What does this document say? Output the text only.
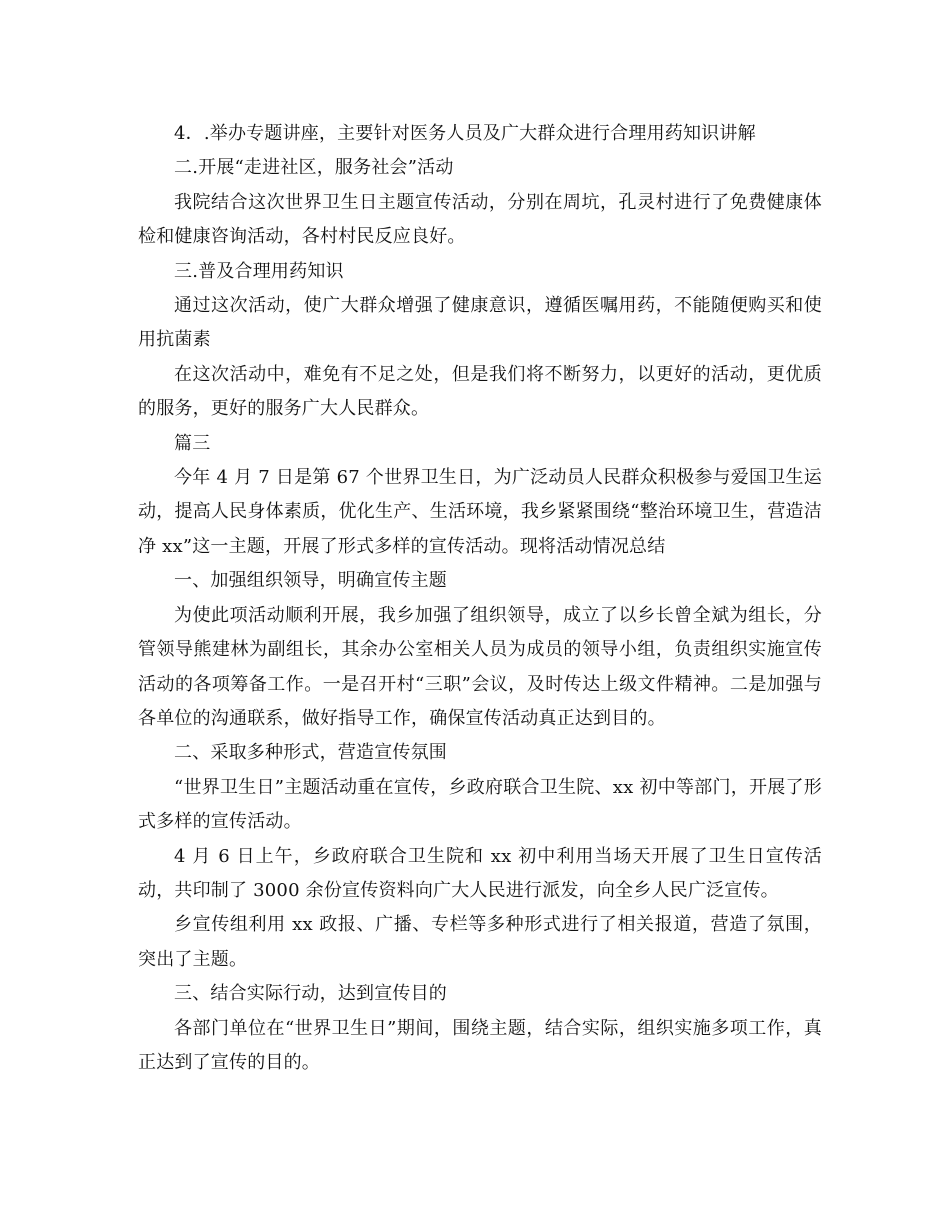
4．.举办专题讲座，主要针对医务人员及广大群众进行合理用药知识讲解

二.开展“走进社区，服务社会”活动

我院结合这次世界卫生日主题宣传活动，分别在周坑，孔灵村进行了免费健康体检和健康咨询活动，各村村民反应良好。

三.普及合理用药知识

通过这次活动，使广大群众增强了健康意识，遵循医嘱用药，不能随便购买和使用抗菌素

在这次活动中，难免有不足之处，但是我们将不断努力，以更好的活动，更优质的服务，更好的服务广大人民群众。

篇三

今年 4 月 7 日是第 67 个世界卫生日，为广泛动员人民群众积极参与爱国卫生运动，提高人民身体素质，优化生产、生活环境，我乡紧紧围绕“整治环境卫生，营造洁净 xx”这一主题，开展了形式多样的宣传活动。现将活动情况总结

一、加强组织领导，明确宣传主题

为使此项活动顺利开展，我乡加强了组织领导，成立了以乡长曾全斌为组长，分管领导熊建林为副组长，其余办公室相关人员为成员的领导小组，负责组织实施宣传活动的各项筹备工作。一是召开村“三职”会议，及时传达上级文件精神。二是加强与各单位的沟通联系，做好指导工作，确保宣传活动真正达到目的。

二、采取多种形式，营造宣传氛围

“世界卫生日”主题活动重在宣传，乡政府联合卫生院、xx 初中等部门，开展了形式多样的宣传活动。

4 月 6 日上午，乡政府联合卫生院和 xx 初中利用当场天开展了卫生日宣传活动，共印制了 3000 余份宣传资料向广大人民进行派发，向全乡人民广泛宣传。

乡宣传组利用 xx 政报、广播、专栏等多种形式进行了相关报道，营造了氛围，突出了主题。

三、结合实际行动，达到宣传目的

各部门单位在“世界卫生日”期间，围绕主题，结合实际，组织实施多项工作，真正达到了宣传的目的。
